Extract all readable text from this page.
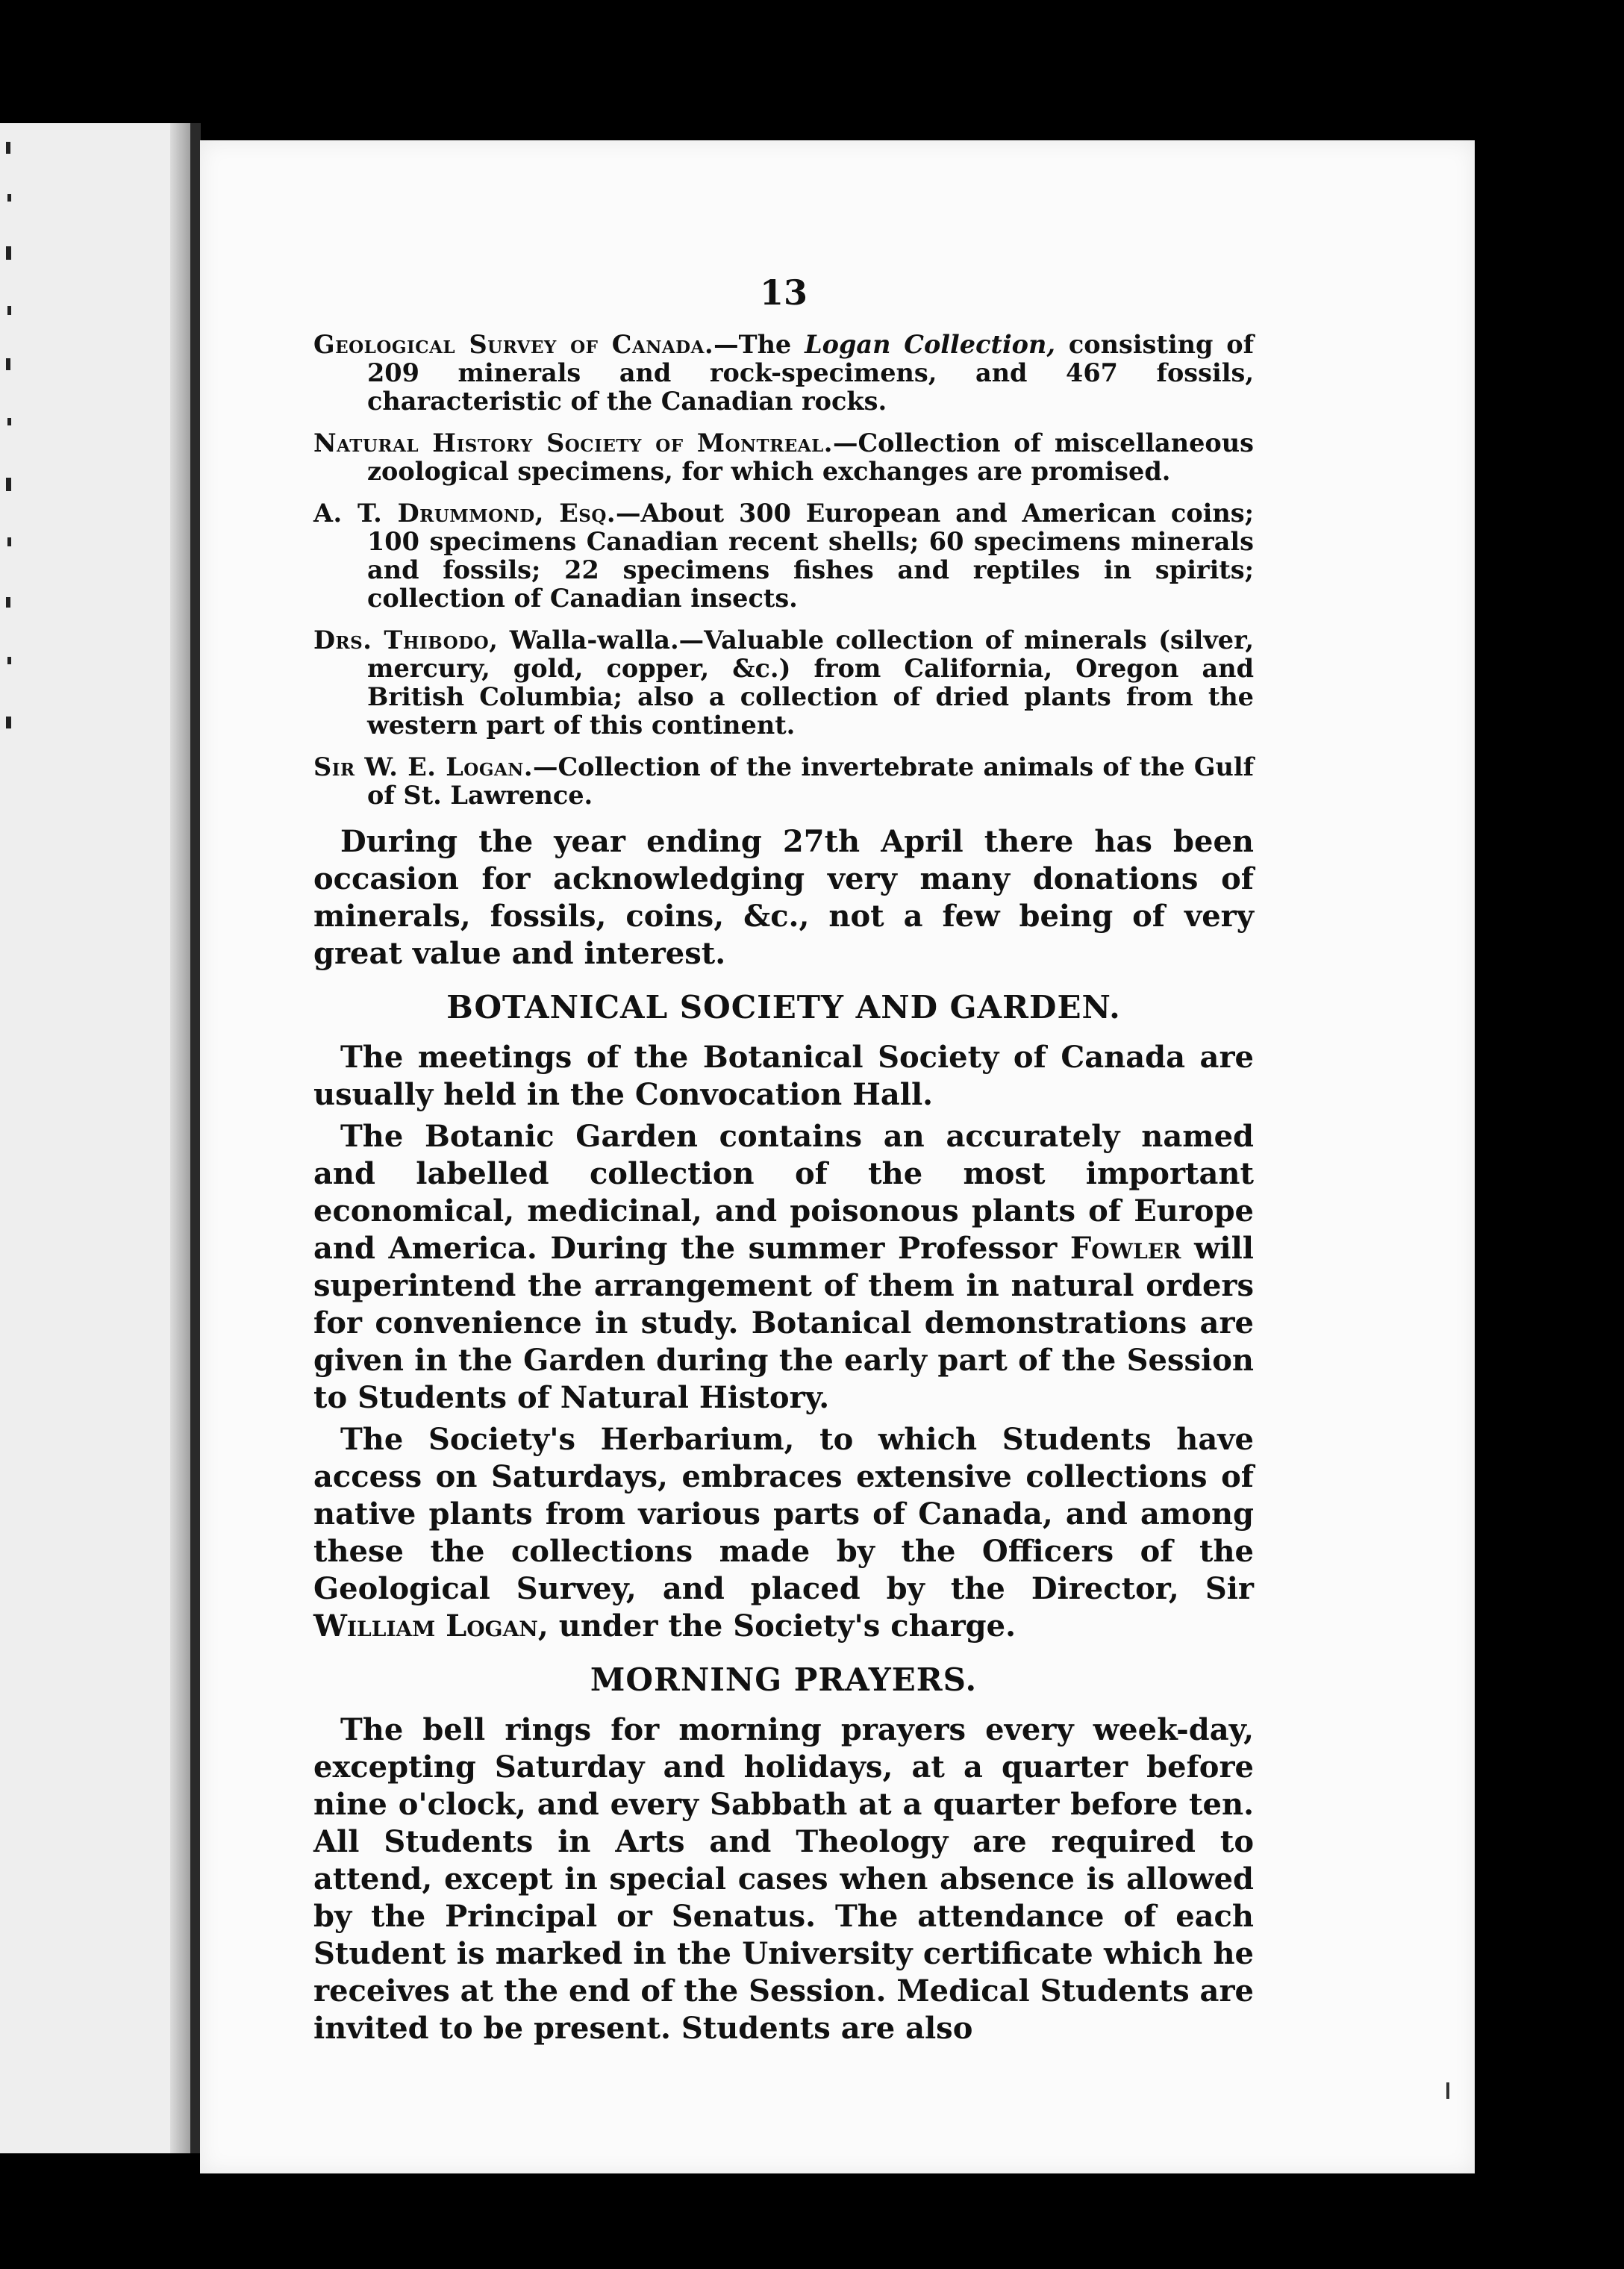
13
Geological Survey of Canada.—The Logan Collection, consisting of 209 minerals and rock-specimens, and 467 fossils, characteristic of the Canadian rocks.
Natural History Society of Montreal.—Collection of miscellaneous zoological specimens, for which exchanges are promised.
A. T. Drummond, Esq.—About 300 European and American coins; 100 specimens Canadian recent shells; 60 specimens minerals and fossils; 22 specimens fishes and reptiles in spirits; collection of Canadian insects.
Drs. Thibodo, Walla-walla.—Valuable collection of minerals (silver, mercury, gold, copper, &c.) from California, Oregon and British Columbia; also a collection of dried plants from the western part of this continent.
Sir W. E. Logan.—Collection of the invertebrate animals of the Gulf of St. Lawrence.

During the year ending 27th April there has been occasion for acknowledging very many donations of minerals, fossils, coins, &c., not a few being of very great value and interest.

BOTANICAL SOCIETY AND GARDEN.

The meetings of the Botanical Society of Canada are usually held in the Convocation Hall.

The Botanic Garden contains an accurately named and labelled collection of the most important economical, medicinal, and poisonous plants of Europe and America. During the summer Professor Fowler will superintend the arrangement of them in natural orders for convenience in study. Botanical demonstrations are given in the Garden during the early part of the Session to Students of Natural History.

The Society's Herbarium, to which Students have access on Saturdays, embraces extensive collections of native plants from various parts of Canada, and among these the collections made by the Officers of the Geological Survey, and placed by the Director, Sir William Logan, under the Society's charge.

MORNING PRAYERS.

The bell rings for morning prayers every week-day, excepting Saturday and holidays, at a quarter before nine o'clock, and every Sabbath at a quarter before ten. All Students in Arts and Theology are required to attend, except in special cases when absence is allowed by the Principal or Senatus. The attendance of each Student is marked in the University certificate which he receives at the end of the Session. Medical Students are invited to be present. Students are also
